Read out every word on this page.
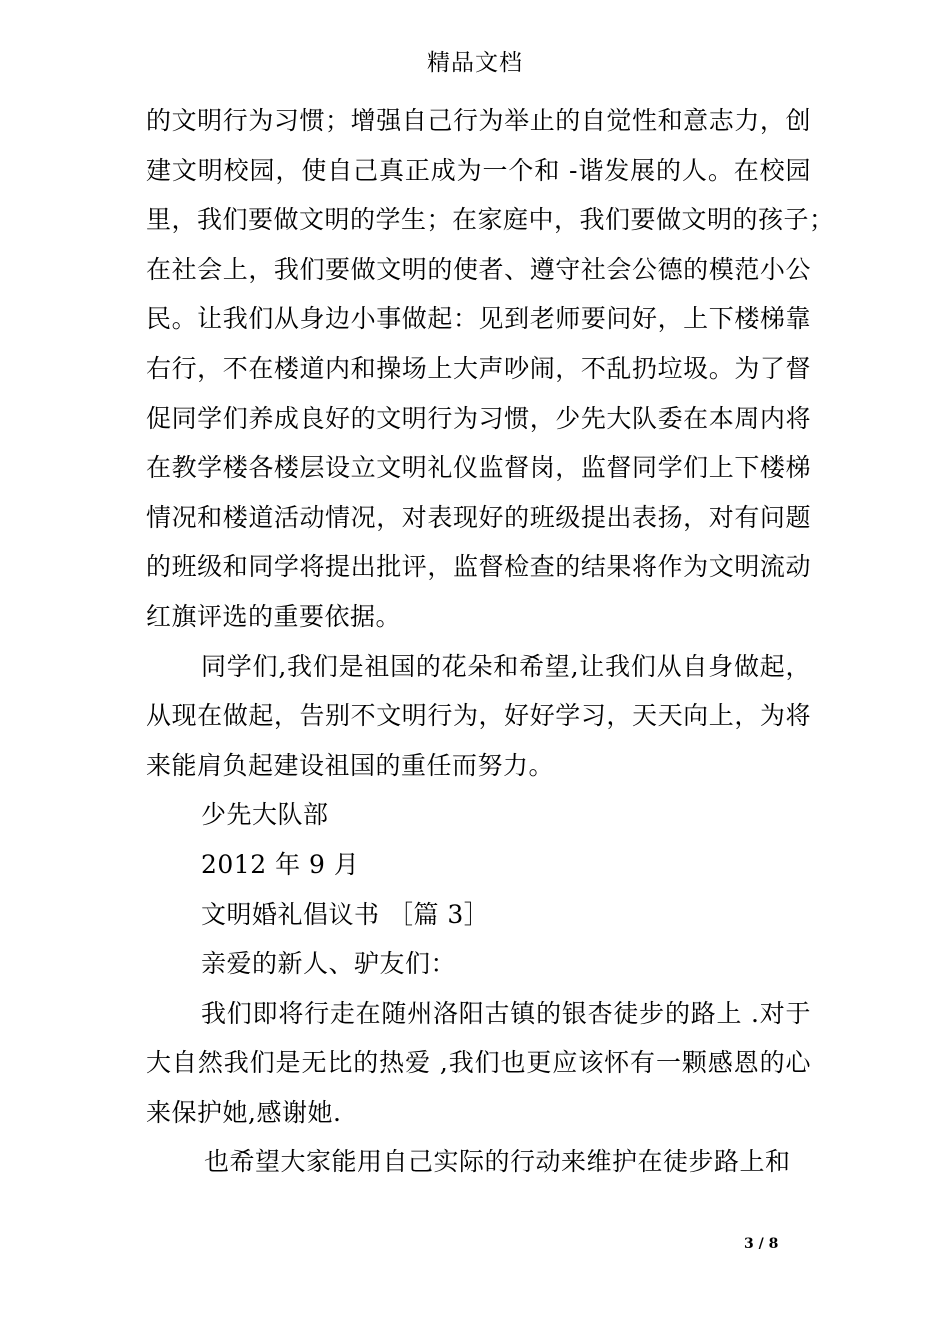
精品文档
的文明行为习惯；增强自己行为举止的自觉性和意志力，创
建文明校园，使自己真正成为一个和 -谐发展的人。在校园
里，我们要做文明的学生；在家庭中，我们要做文明的孩子；
在社会上，我们要做文明的使者、遵守社会公德的模范小公
民。让我们从身边小事做起：见到老师要问好，上下楼梯靠
右行，不在楼道内和操场上大声吵闹，不乱扔垃圾。为了督
促同学们养成良好的文明行为习惯，少先大队委在本周内将
在教学楼各楼层设立文明礼仪监督岗，监督同学们上下楼梯
情况和楼道活动情况，对表现好的班级提出表扬，对有问题
的班级和同学将提出批评，监督检查的结果将作为文明流动
红旗评选的重要依据。
同学们,我们是祖国的花朵和希望,让我们从自身做起，
从现在做起，告别不文明行为，好好学习，天天向上，为将
来能肩负起建设祖国的重任而努力。
少先大队部
2012 年 9 月
文明婚礼倡议书 ［篇 3］
亲爱的新人、驴友们：
我们即将行走在随州洛阳古镇的银杏徒步的路上 .对于
大自然我们是无比的热爱 ,我们也更应该怀有一颗感恩的心
来保护她,感谢她.
也希望大家能用自己实际的行动来维护在徒步路上和
3 / 8
